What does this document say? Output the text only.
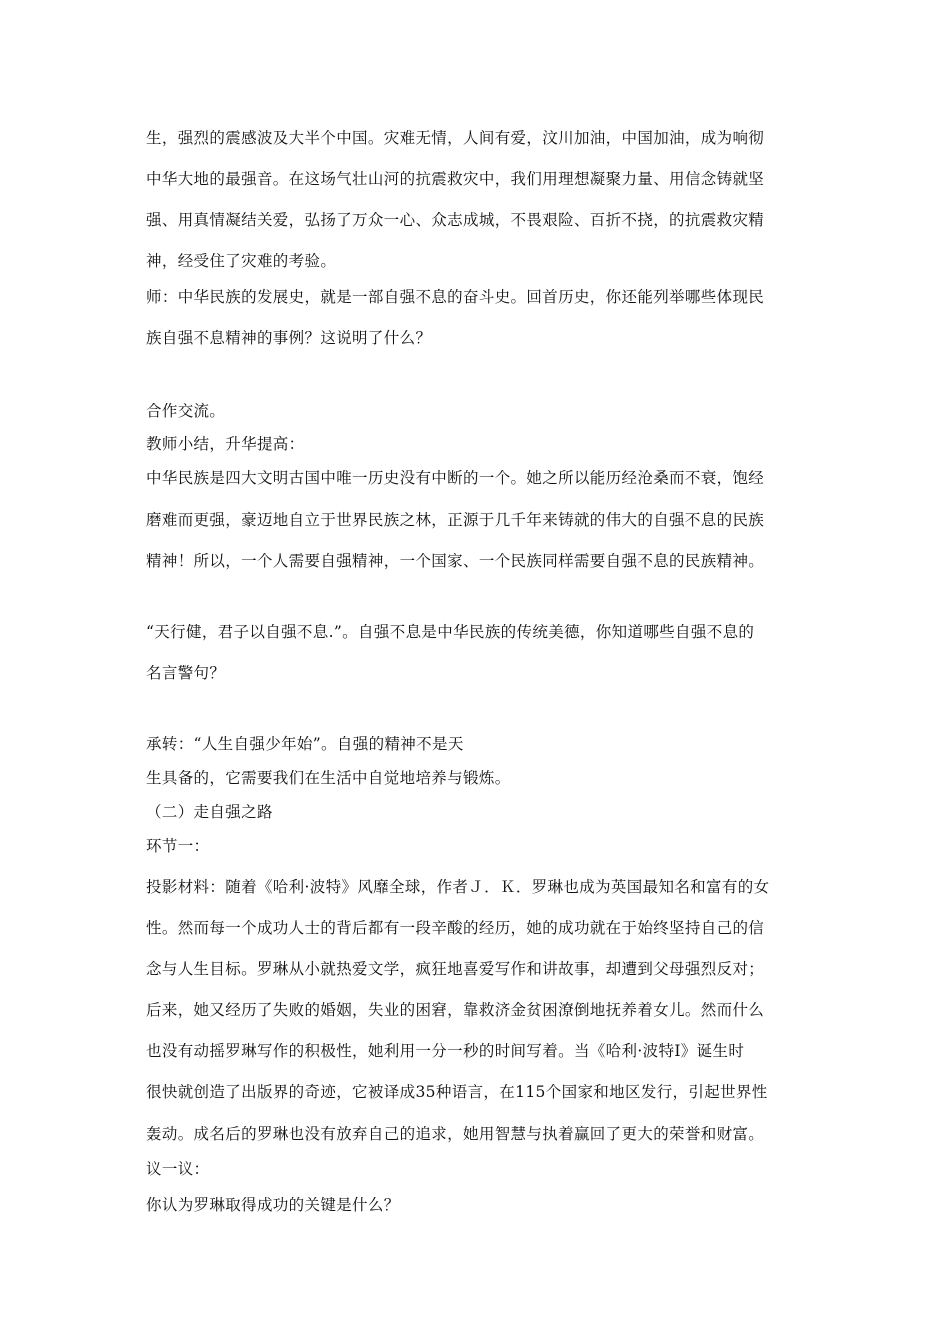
生，强烈的震感波及大半个中国。灾难无情，人间有爱，汶川加油，中国加油，成为响彻
中华大地的最强音。在这场气壮山河的抗震救灾中，我们用理想凝聚力量、用信念铸就坚
强、用真情凝结关爱，弘扬了万众一心、众志成城，不畏艰险、百折不挠，的抗震救灾精
神，经受住了灾难的考验。
师：中华民族的发展史，就是一部自强不息的奋斗史。回首历史，你还能列举哪些体现民
族自强不息精神的事例？这说明了什么？
合作交流。
教师小结，升华提高：
中华民族是四大文明古国中唯一历史没有中断的一个。她之所以能历经沧桑而不衰，饱经
磨难而更强，豪迈地自立于世界民族之林，正源于几千年来铸就的伟大的自强不息的民族
精神！所以，一个人需要自强精神，一个国家、一个民族同样需要自强不息的民族精神。
“天行健，君子以自强不息.”。自强不息是中华民族的传统美德，你知道哪些自强不息的
名言警句？
承转：“人生自强少年始”。自强的精神不是天
生具备的，它需要我们在生活中自觉地培养与锻炼。
（二）走自强之路
环节一：
投影材料：随着《哈利·波特》风靡全球，作者Ｊ．Ｋ．罗琳也成为英国最知名和富有的女
性。然而每一个成功人士的背后都有一段辛酸的经历，她的成功就在于始终坚持自己的信
念与人生目标。罗琳从小就热爱文学，疯狂地喜爱写作和讲故事，却遭到父母强烈反对；
后来，她又经历了失败的婚姻，失业的困窘，靠救济金贫困潦倒地抚养着女儿。然而什么
也没有动摇罗琳写作的积极性，她利用一分一秒的时间写着。当《哈利·波特Ⅰ》诞生时
很快就创造了出版界的奇迹，它被译成35种语言，在115个国家和地区发行，引起世界性
轰动。成名后的罗琳也没有放弃自己的追求，她用智慧与执着赢回了更大的荣誉和财富。
议一议：
你认为罗琳取得成功的关键是什么？
